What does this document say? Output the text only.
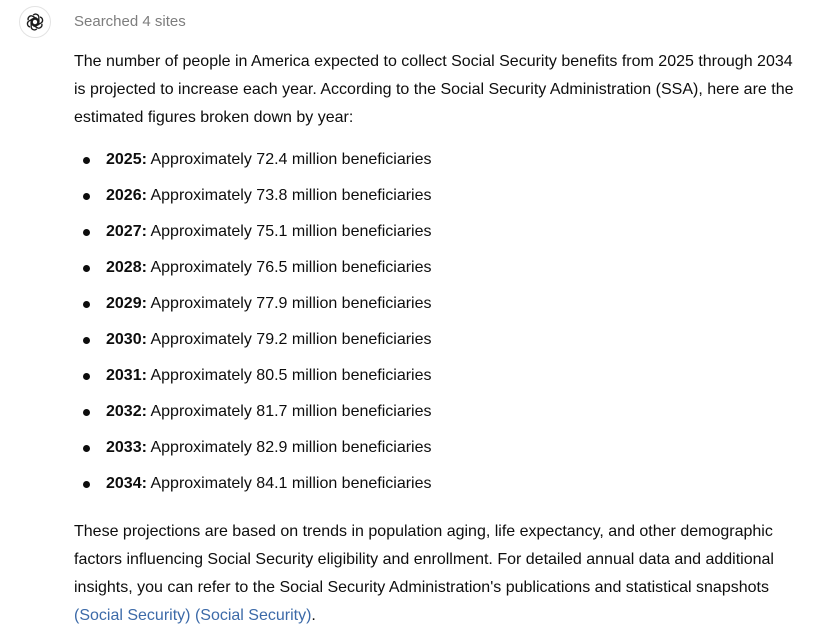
Searched 4 sites

The number of people in America expected to collect Social Security benefits from 2025 through 2034 is projected to increase each year. According to the Social Security Administration (SSA), here are the estimated figures broken down by year:

2025: Approximately 72.4 million beneficiaries
2026: Approximately 73.8 million beneficiaries
2027: Approximately 75.1 million beneficiaries
2028: Approximately 76.5 million beneficiaries
2029: Approximately 77.9 million beneficiaries
2030: Approximately 79.2 million beneficiaries
2031: Approximately 80.5 million beneficiaries
2032: Approximately 81.7 million beneficiaries
2033: Approximately 82.9 million beneficiaries
2034: Approximately 84.1 million beneficiaries

These projections are based on trends in population aging, life expectancy, and other demographic factors influencing Social Security eligibility and enrollment. For detailed annual data and additional insights, you can refer to the Social Security Administration's publications and statistical snapshots (Social Security) (Social Security).
